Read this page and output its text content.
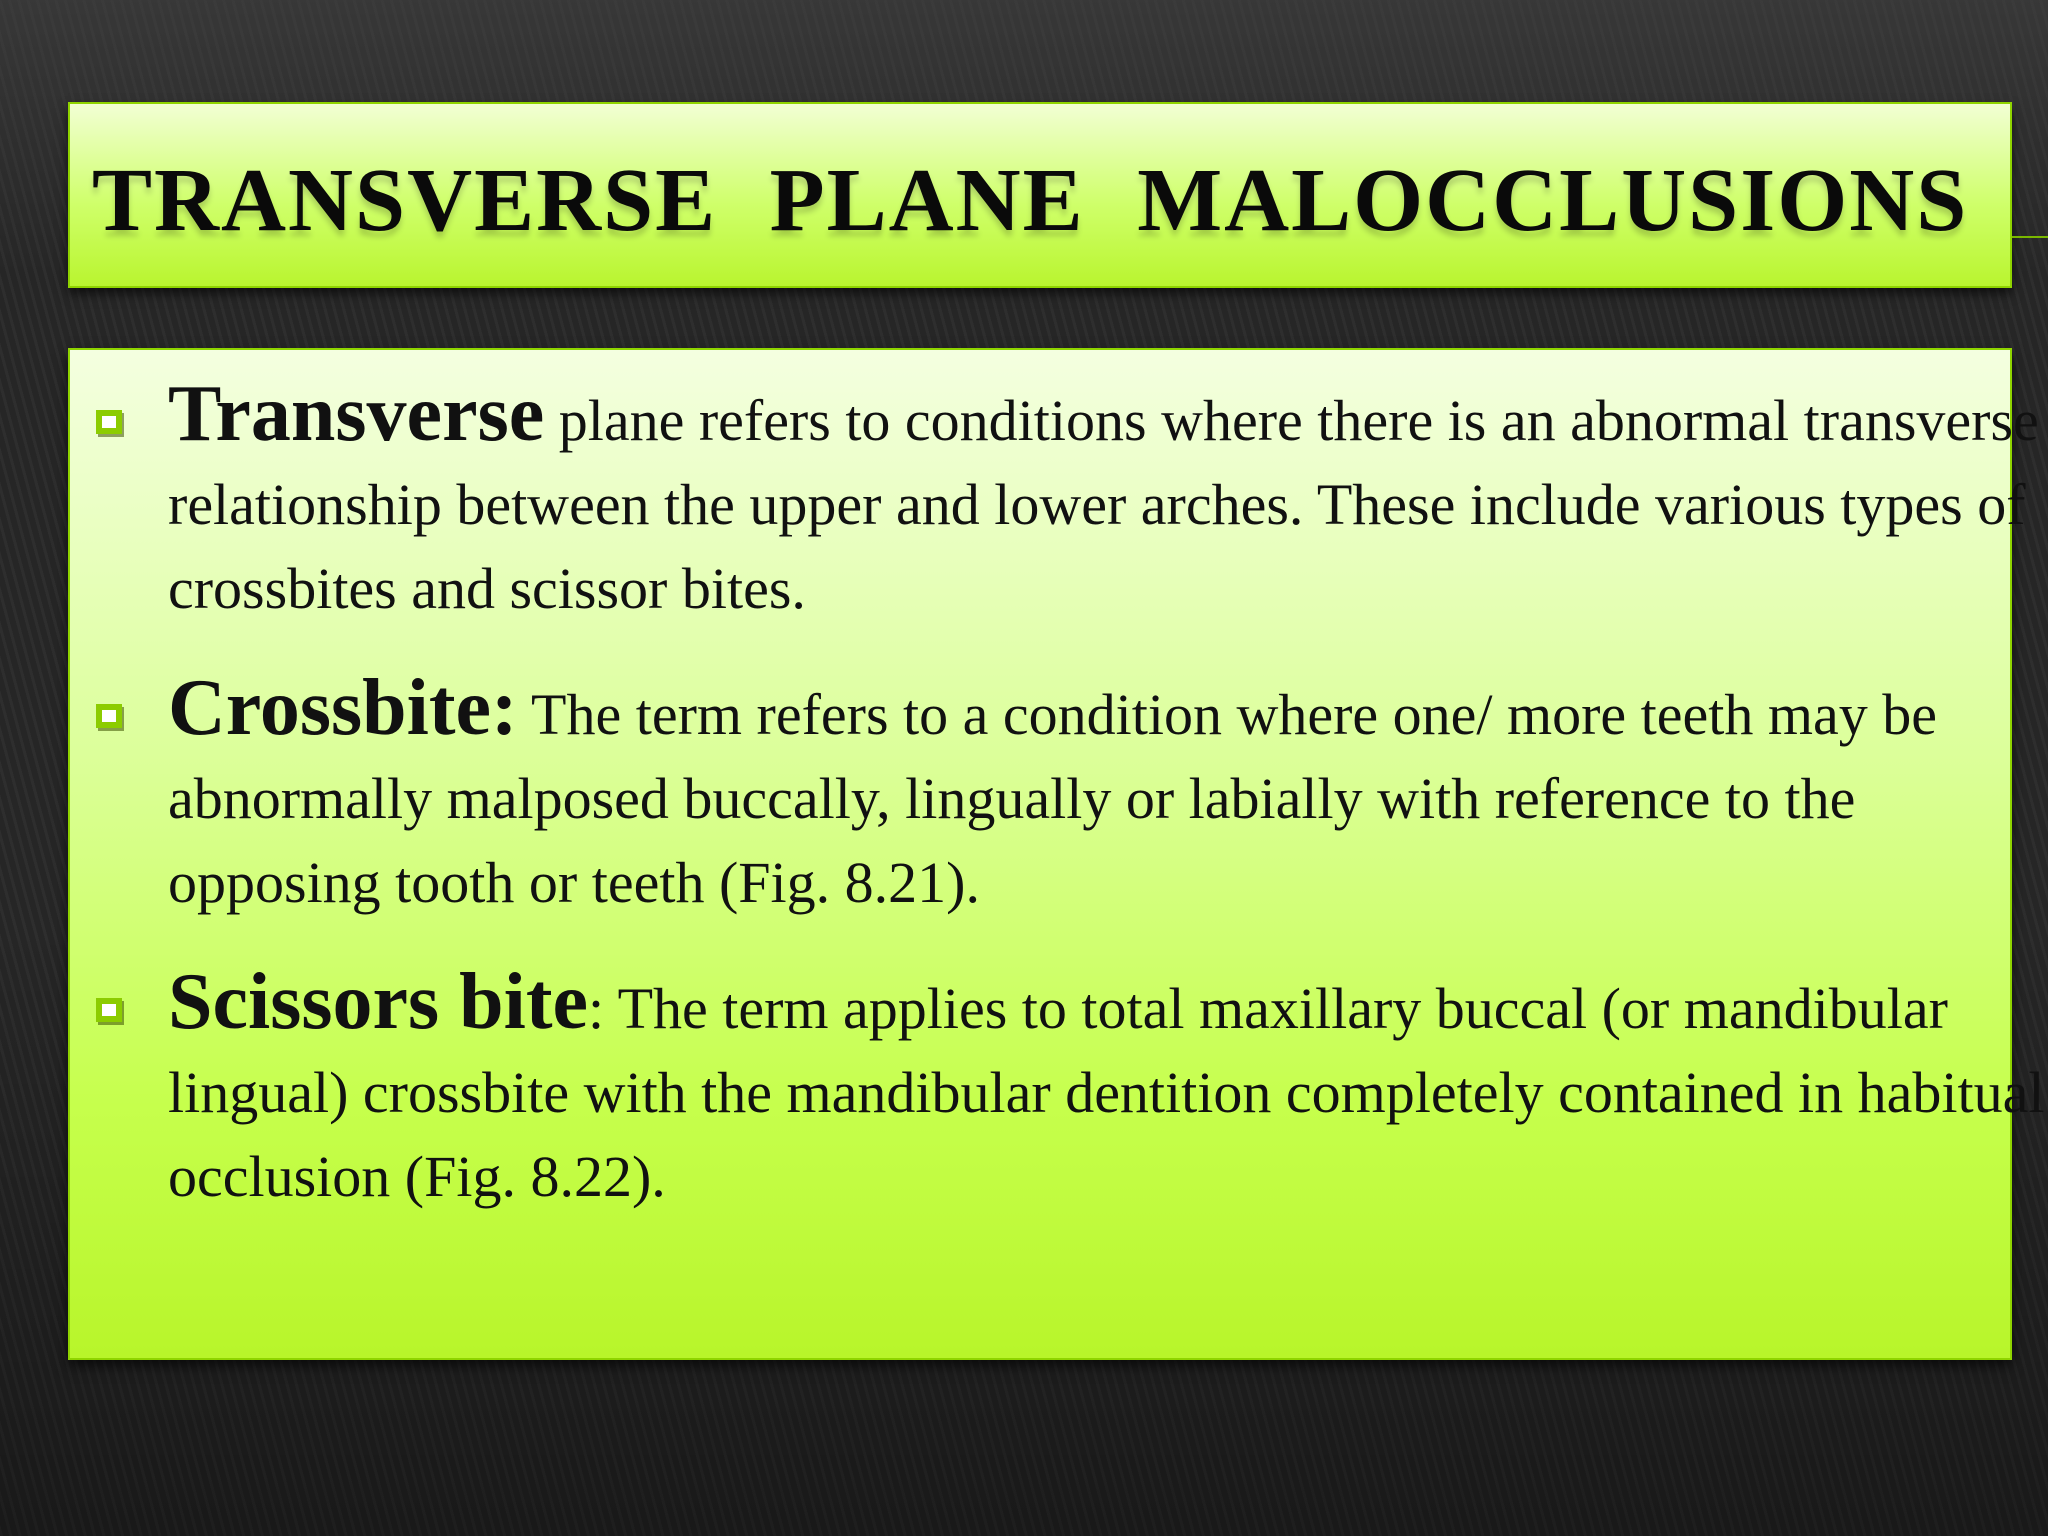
TRANSVERSE PLANE MALOCCLUSIONS
Transverse plane refers to conditions where there is an abnormal transverse relationship between the upper and lower arches. These include various types of crossbites and scissor bites.
Crossbite: The term refers to a condition where one/ more teeth may be abnormally malposed buccally, lingually or labially with reference to the opposing tooth or teeth (Fig. 8.21).
Scissors bite: The term applies to total maxillary buccal (or mandibular lingual) crossbite with the mandibular dentition completely contained in habitual occlusion (Fig. 8.22).
